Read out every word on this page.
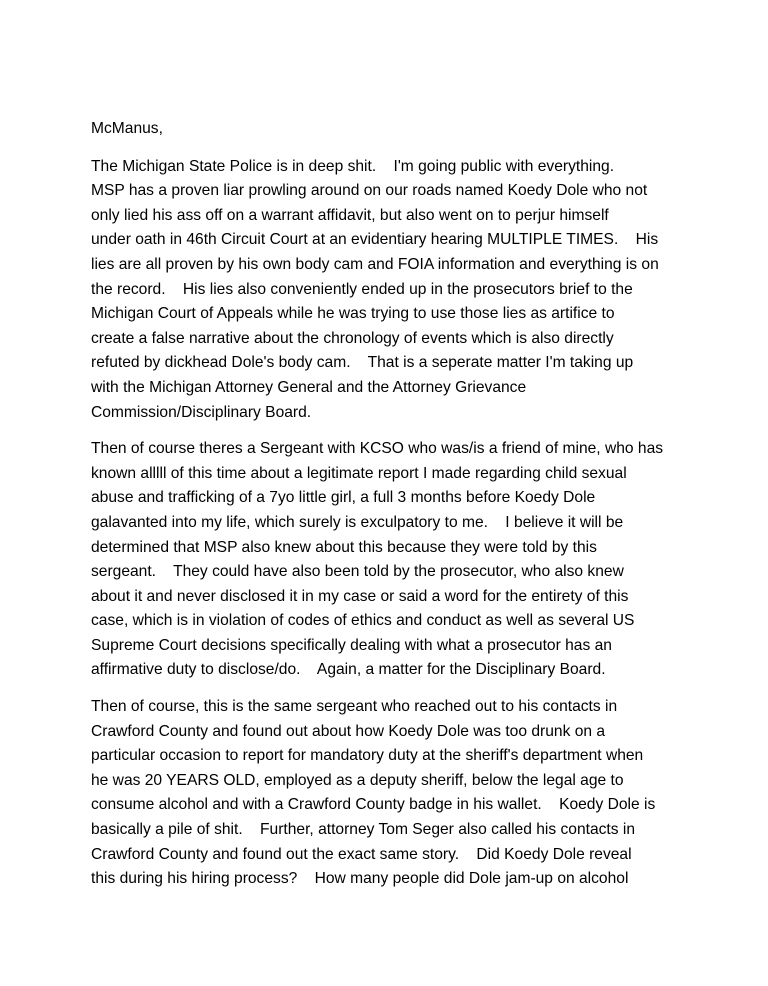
McManus,
The Michigan State Police is in deep shit.    I'm going public with everything.
MSP has a proven liar prowling around on our roads named Koedy Dole who not
only lied his ass off on a warrant affidavit, but also went on to perjur himself
under oath in 46th Circuit Court at an evidentiary hearing MULTIPLE TIMES.    His
lies are all proven by his own body cam and FOIA information and everything is on
the record.    His lies also conveniently ended up in the prosecutors brief to the
Michigan Court of Appeals while he was trying to use those lies as artifice to
create a false narrative about the chronology of events which is also directly
refuted by dickhead Dole's body cam.    That is a seperate matter I'm taking up
with the Michigan Attorney General and the Attorney Grievance
Commission/Disciplinary Board.
Then of course theres a Sergeant with KCSO who was/is a friend of mine, who has
known alllll of this time about a legitimate report I made regarding child sexual
abuse and trafficking of a 7yo little girl, a full 3 months before Koedy Dole
galavanted into my life, which surely is exculpatory to me.    I believe it will be
determined that MSP also knew about this because they were told by this
sergeant.    They could have also been told by the prosecutor, who also knew
about it and never disclosed it in my case or said a word for the entirety of this
case, which is in violation of codes of ethics and conduct as well as several US
Supreme Court decisions specifically dealing with what a prosecutor has an
affirmative duty to disclose/do.    Again, a matter for the Disciplinary Board.
Then of course, this is the same sergeant who reached out to his contacts in
Crawford County and found out about how Koedy Dole was too drunk on a
particular occasion to report for mandatory duty at the sheriff's department when
he was 20 YEARS OLD, employed as a deputy sheriff, below the legal age to
consume alcohol and with a Crawford County badge in his wallet.    Koedy Dole is
basically a pile of shit.    Further, attorney Tom Seger also called his contacts in
Crawford County and found out the exact same story.    Did Koedy Dole reveal
this during his hiring process?    How many people did Dole jam-up on alcohol
